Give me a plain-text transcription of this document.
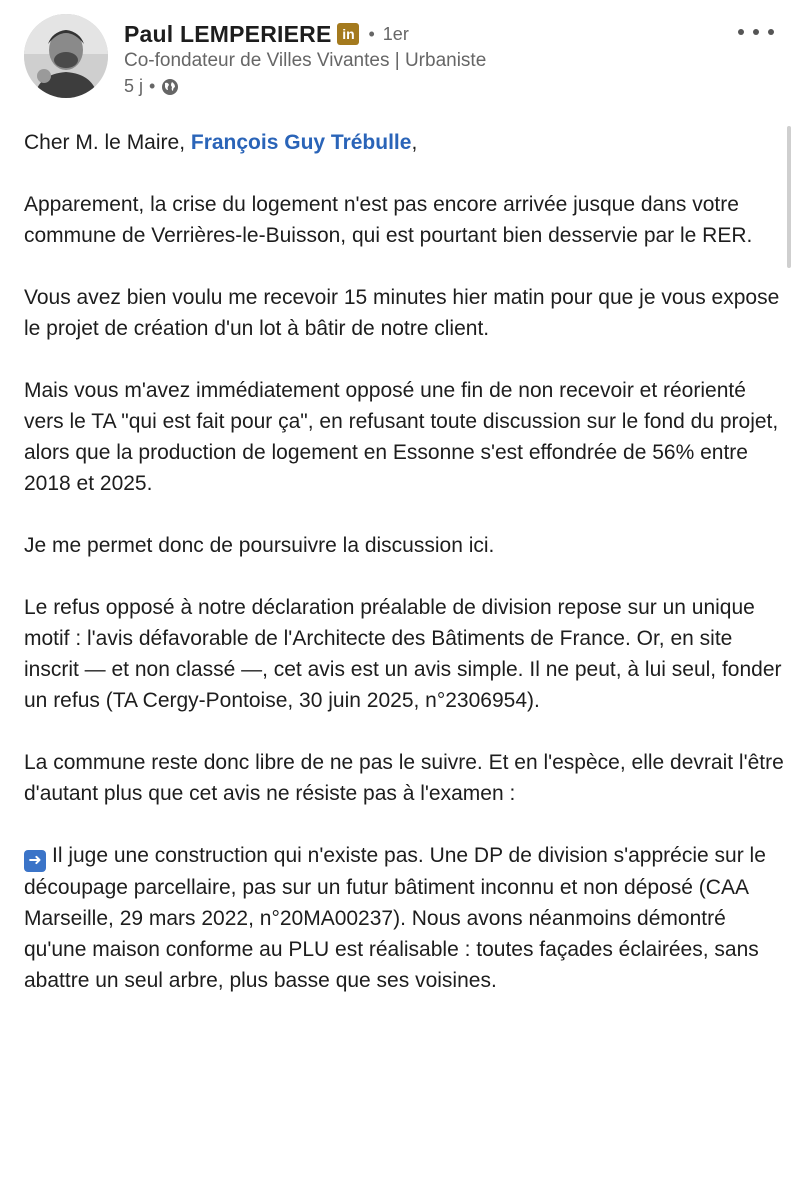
Paul LEMPERIERE in • 1er
Co-fondateur de Villes Vivantes | Urbaniste
5 j •

Cher M. le Maire, François Guy Trébulle,

Apparement, la crise du logement n'est pas encore arrivée jusque dans votre commune de Verrières-le-Buisson, qui est pourtant bien desservie par le RER.

Vous avez bien voulu me recevoir 15 minutes hier matin pour que je vous expose le projet de création d'un lot à bâtir de notre client.

Mais vous m'avez immédiatement opposé une fin de non recevoir et réorienté vers le TA "qui est fait pour ça", en refusant toute discussion sur le fond du projet, alors que la production de logement en Essonne s'est effondrée de 56% entre 2018 et 2025.

Je me permet donc de poursuivre la discussion ici.

Le refus opposé à notre déclaration préalable de division repose sur un unique motif : l'avis défavorable de l'Architecte des Bâtiments de France. Or, en site inscrit — et non classé —, cet avis est un avis simple. Il ne peut, à lui seul, fonder un refus (TA Cergy-Pontoise, 30 juin 2025, n°2306954).

La commune reste donc libre de ne pas le suivre. Et en l'espèce, elle devrait l'être d'autant plus que cet avis ne résiste pas à l'examen :

➜ Il juge une construction qui n'existe pas. Une DP de division s'apprécie sur le découpage parcellaire, pas sur un futur bâtiment inconnu et non déposé (CAA Marseille, 29 mars 2022, n°20MA00237). Nous avons néanmoins démontré qu'une maison conforme au PLU est réalisable : toutes façades éclairées, sans abattre un seul arbre, plus basse que ses voisines.
